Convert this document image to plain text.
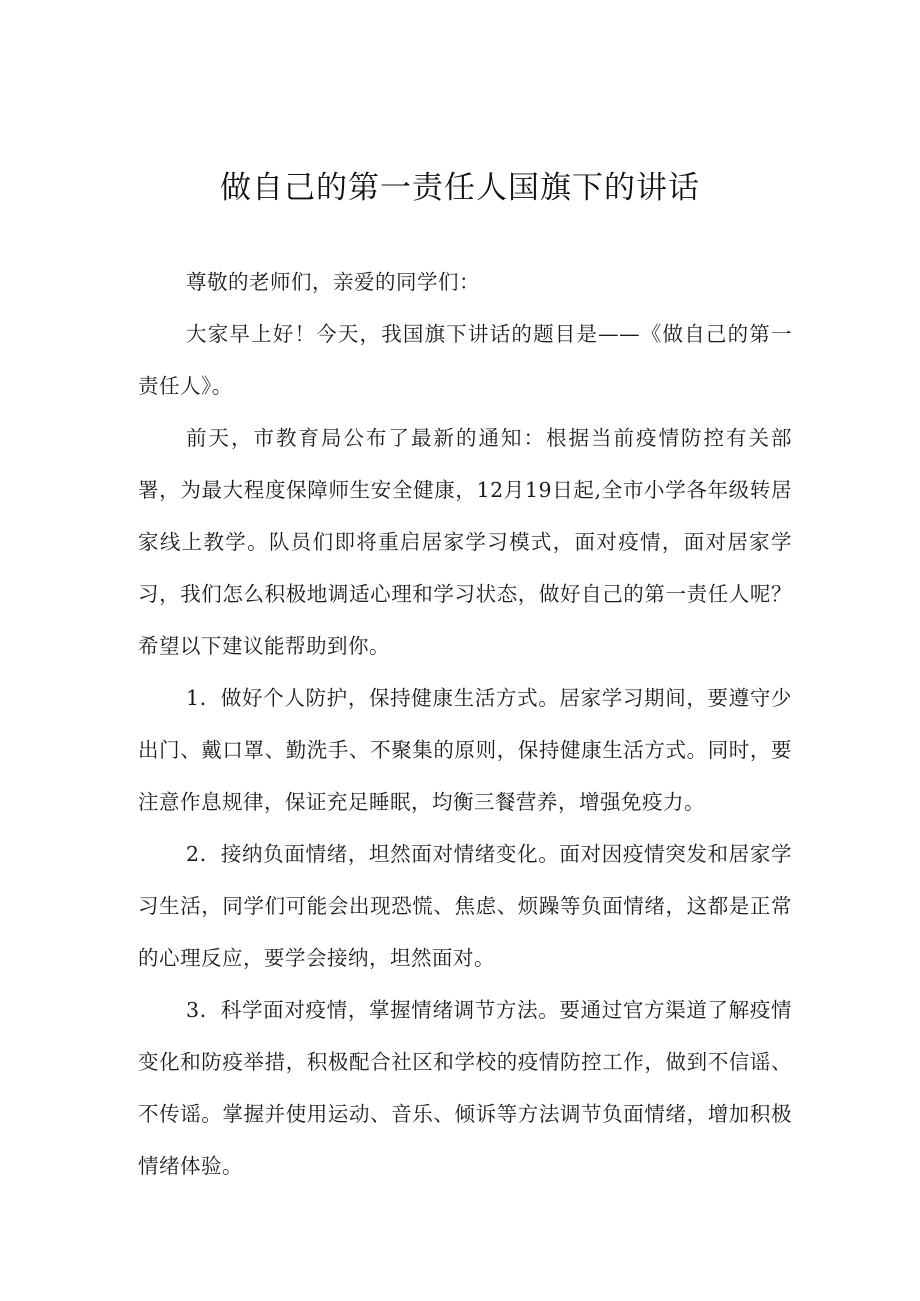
做自己的第一责任人国旗下的讲话

尊敬的老师们，亲爱的同学们：

大家早上好！今天，我国旗下讲话的题目是——《做自己的第一责任人》。

前天，市教育局公布了最新的通知：根据当前疫情防控有关部署，为最大程度保障师生安全健康，12月19日起,全市小学各年级转居家线上教学。队员们即将重启居家学习模式，面对疫情，面对居家学习，我们怎么积极地调适心理和学习状态，做好自己的第一责任人呢？希望以下建议能帮助到你。

1．做好个人防护，保持健康生活方式。居家学习期间，要遵守少出门、戴口罩、勤洗手、不聚集的原则，保持健康生活方式。同时，要注意作息规律，保证充足睡眠，均衡三餐营养，增强免疫力。

2．接纳负面情绪，坦然面对情绪变化。面对因疫情突发和居家学习生活，同学们可能会出现恐慌、焦虑、烦躁等负面情绪，这都是正常的心理反应，要学会接纳，坦然面对。

3．科学面对疫情，掌握情绪调节方法。要通过官方渠道了解疫情变化和防疫举措，积极配合社区和学校的疫情防控工作，做到不信谣、不传谣。掌握并使用运动、音乐、倾诉等方法调节负面情绪，增加积极情绪体验。
